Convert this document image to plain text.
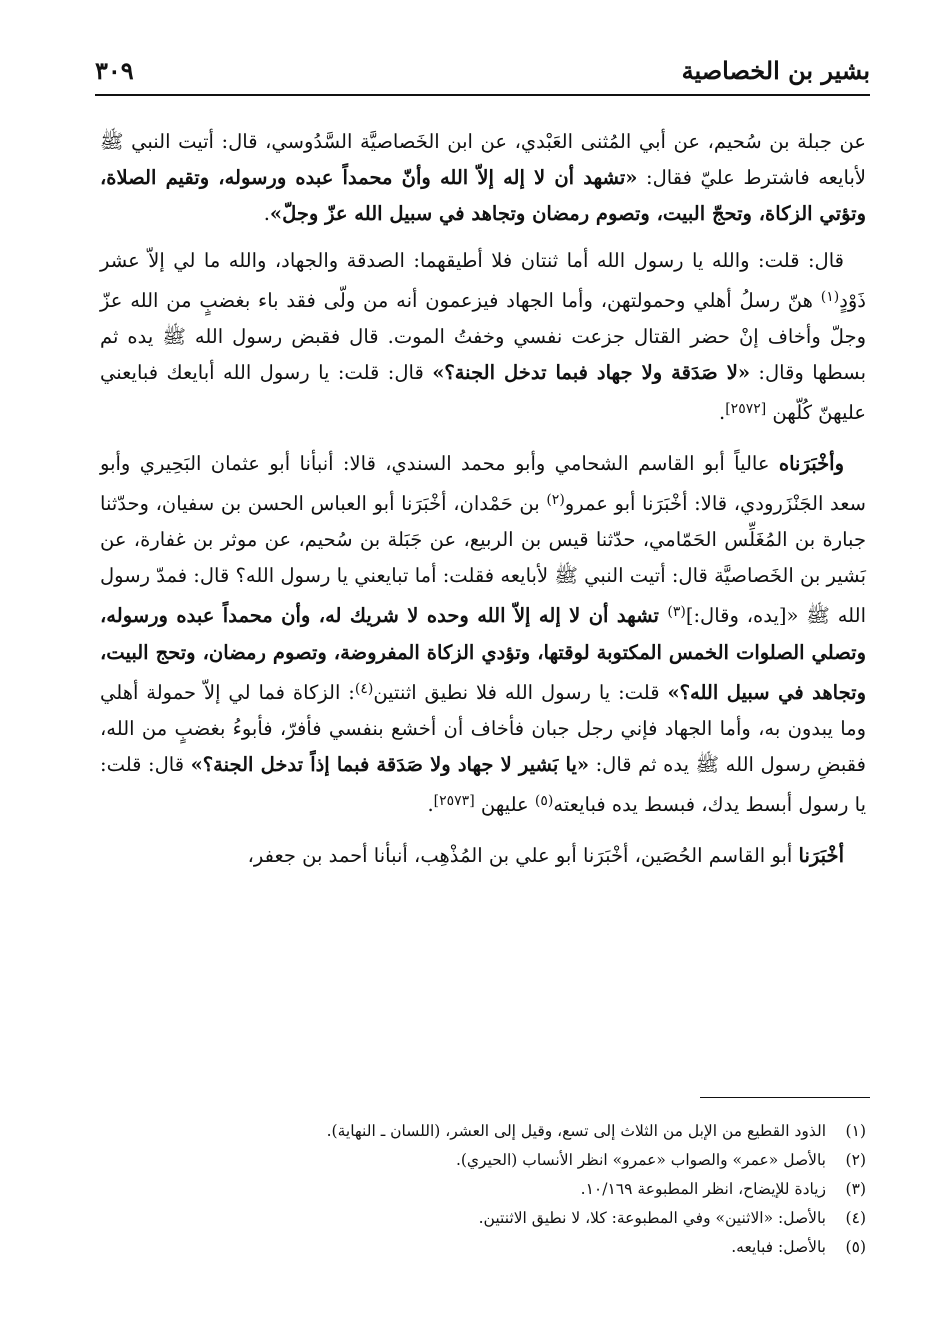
بشير بن الخصاصية
٣٠٩

عن جبلة بن سُحيم، عن أبي المُثنى العَبْدي، عن ابن الخَصاصيَّة السَّدُوسي، قال: أتيت النبي ﷺ لأبايعه فاشترط عليّ فقال: «تشهد أن لا إله إلاّ الله وأنّ محمداً عبده ورسوله، وتقيم الصلاة، وتؤتي الزكاة، وتحجّ البيت، وتصوم رمضان وتجاهد في سبيل الله عزّ وجلّ».

قال: قلت: والله يا رسول الله أما ثنتان فلا أطيقهما: الصدقة والجهاد، والله ما لي إلاّ عشر ذَوْدٍ$^{(١)}$ هنّ رسلُ أهلي وحمولتهن، وأما الجهاد فيزعمون أنه من ولّى فقد باء بغضبٍ من الله عزّ وجلّ وأخاف إنْ حضر القتال جزعت نفسي وخفتُ الموت. قال فقبض رسول الله ﷺ يده ثم بسطها وقال: «لا صَدَقة ولا جهاد فبما تدخل الجنة؟» قال: قلت: يا رسول الله أبايعك فبايعني عليهنّ كُلّهن [٢٥٧٢].

وأخْبَرَناه عالياً أبو القاسم الشحامي وأبو محمد السندي، قالا: أنبأنا أبو عثمان البَحِيري وأبو سعد الجَنْزَرودي، قالا: أخْبَرَنا أبو عمرو$^{(٢)}$ بن حَمْدان، أخْبَرَنا أبو العباس الحسن بن سفيان، وحدّثنا جبارة بن المُغَلِّس الحَمّامي، حدّثنا قيس بن الربيع، عن جَبَلة بن سُحيم، عن موثر بن غفارة، عن بَشير بن الخَصاصيَّة قال: أتيت النبي ﷺ لأبايعه فقلت: أما تبايعني يا رسول الله؟ قال: فمدّ رسول الله ﷺ «[يده، وقال:]$^{(٣)}$ تشهد أن لا إله إلاّ الله وحده لا شريك له، وأن محمداً عبده ورسوله، وتصلي الصلوات الخمس المكتوبة لوقتها، وتؤدي الزكاة المفروضة، وتصوم رمضان، وتحج البيت، وتجاهد في سبيل الله؟» قلت: يا رسول الله فلا نطيق اثنتين$^{(٤)}$: الزكاة فما لي إلاّ حمولة أهلي وما يبدون به، وأما الجهاد فإني رجل جبان فأخاف أن أخشع بنفسي فأفرّ، فأبوءُ بغضبٍ من الله، فقبضِ رسول الله ﷺ يده ثم قال: «يا بَشير لا جهاد ولا صَدَقة فبما إذاً تدخل الجنة؟» قال: قلت: يا رسول أبسط يدك، فبسط يده فبايعته$^{(٥)}$ عليهن [٢٥٧٣].

أخْبَرَنا أبو القاسم الحُصَين، أخْبَرَنا أبو علي بن المُذْهِب، أنبأنا أحمد بن جعفر،

(١)
الذود القطيع من الإبل من الثلاث إلى تسع، وقيل إلى العشر، (اللسان ـ النهاية).
(٢)
بالأصل «عمر» والصواب «عمرو» انظر الأنساب (الحيري).
(٣)
زيادة للإيضاح، انظر المطبوعة ١٠/١٦٩.
(٤)
بالأصل: «الاثنين» وفي المطبوعة: كلا، لا نطيق الاثنتين.
(٥)
بالأصل: فبايعه.
